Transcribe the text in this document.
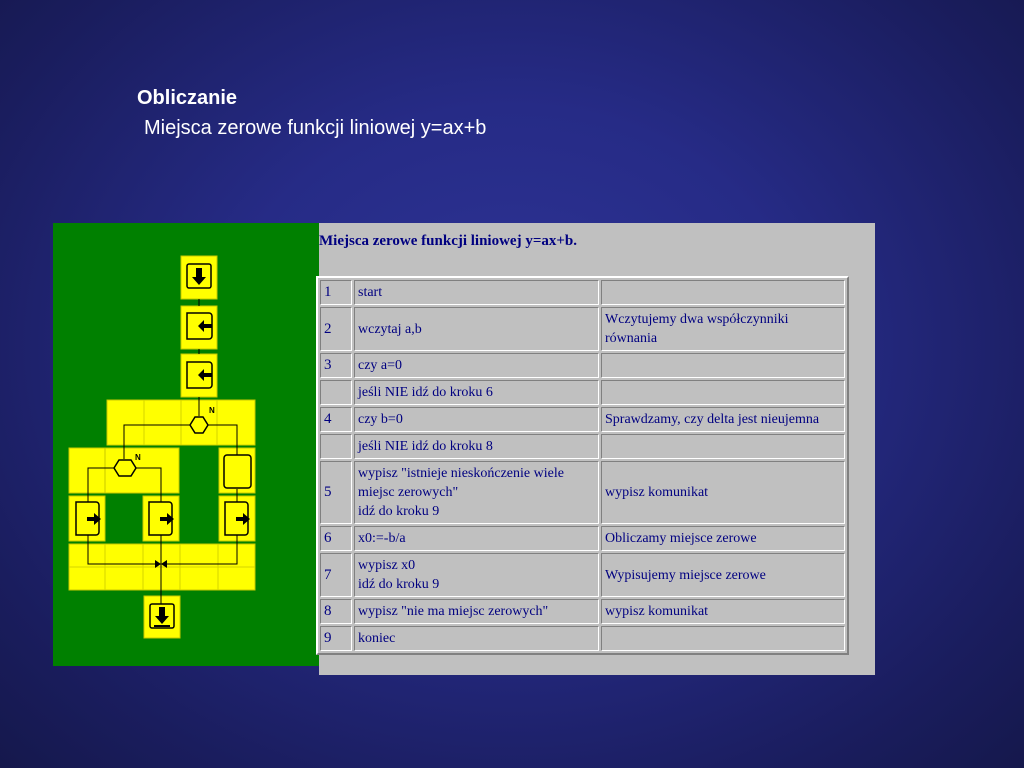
Obliczanie

Miejsca zerowe funkcji liniowej y=ax+b

N
N
Miejsca zerowe funkcji liniowej y=ax+b.
1	start	
2	wczytaj a,b	Wczytujemy dwa współczynniki
równania
3	czy a=0	
	jeśli NIE idź do kroku 6	
4	czy b=0	Sprawdzamy, czy delta jest nieujemna
	jeśli NIE idź do kroku 8	
5	wypisz "istnieje nieskończenie wiele
miejsc zerowych"
idź do kroku 9	wypisz komunikat
6	x0:=-b/a	Obliczamy miejsce zerowe
7	wypisz x0
idź do kroku 9	Wypisujemy miejsce zerowe
8	wypisz "nie ma miejsc zerowych"	wypisz komunikat
9	koniec	
